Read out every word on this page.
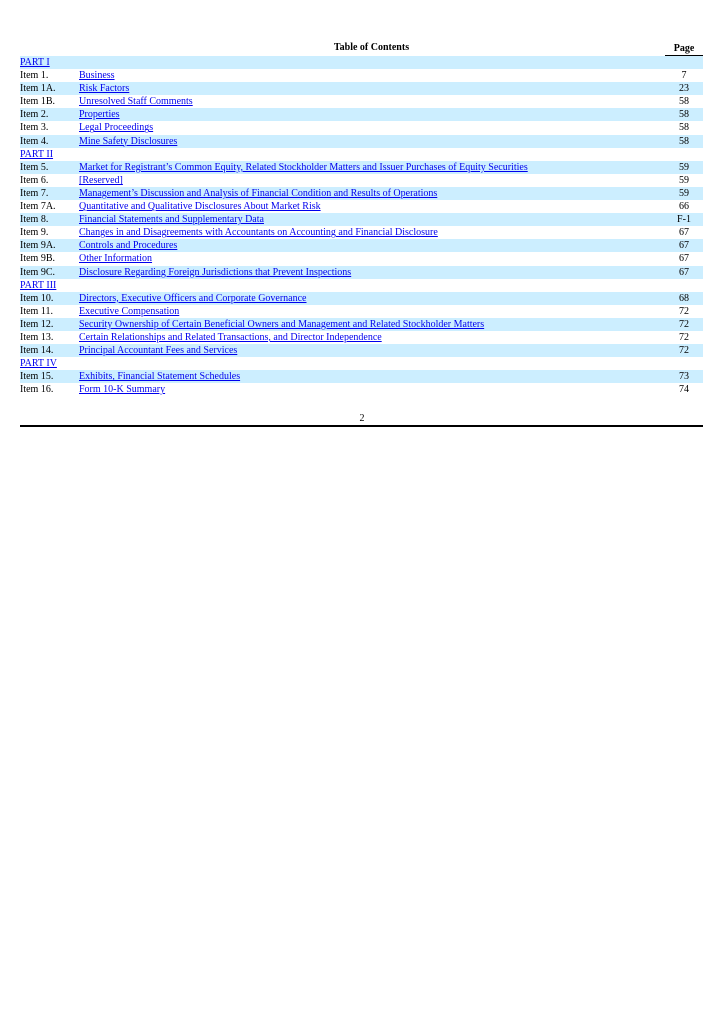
Table of Contents	Page
PART I
Item 1.	Business	7
Item 1A.	Risk Factors	23
Item 1B.	Unresolved Staff Comments	58
Item 2.	Properties	58
Item 3.	Legal Proceedings	58
Item 4.	Mine Safety Disclosures	58
PART II
Item 5.	Market for Registrant’s Common Equity, Related Stockholder Matters and Issuer Purchases of Equity Securities	59
Item 6.	[Reserved]	59
Item 7.	Management’s Discussion and Analysis of Financial Condition and Results of Operations	59
Item 7A.	Quantitative and Qualitative Disclosures About Market Risk	66
Item 8.	Financial Statements and Supplementary Data	F-1
Item 9.	Changes in and Disagreements with Accountants on Accounting and Financial Disclosure	67
Item 9A.	Controls and Procedures	67
Item 9B.	Other Information	67
Item 9C.	Disclosure Regarding Foreign Jurisdictions that Prevent Inspections	67
PART III
Item 10.	Directors, Executive Officers and Corporate Governance	68
Item 11.	Executive Compensation	72
Item 12.	Security Ownership of Certain Beneficial Owners and Management and Related Stockholder Matters	72
Item 13.	Certain Relationships and Related Transactions, and Director Independence	72
Item 14.	Principal Accountant Fees and Services	72
PART IV
Item 15.	Exhibits, Financial Statement Schedules	73
Item 16.	Form 10-K Summary	74
2
